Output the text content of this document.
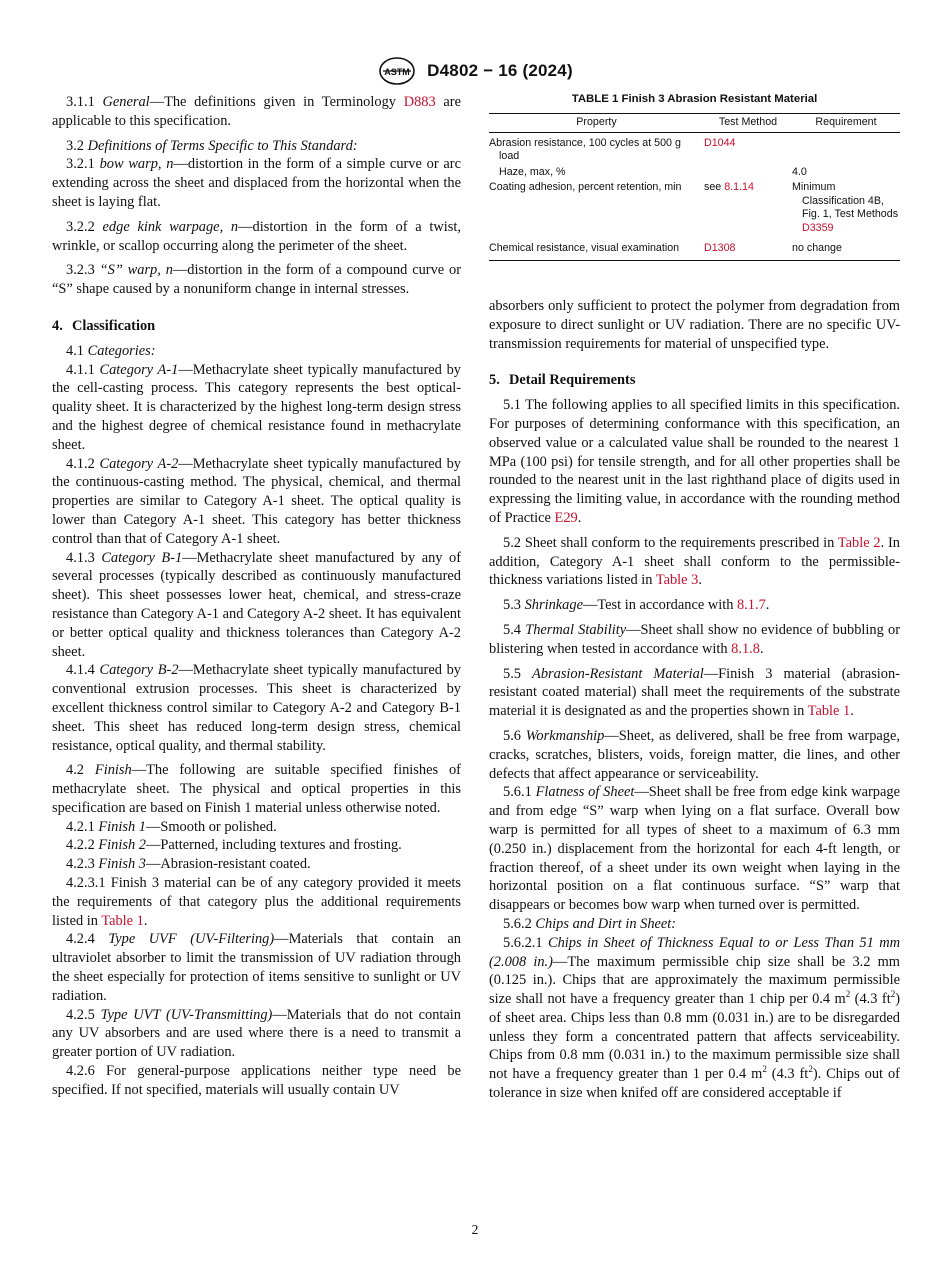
ASTM D4802 − 16 (2024)

3.1.1 General—The definitions given in Terminology D883 are applicable to this specification.

3.2 Definitions of Terms Specific to This Standard:

3.2.1 bow warp, n—distortion in the form of a simple curve or arc extending across the sheet and displaced from the horizontal when the sheet is laying flat.

3.2.2 edge kink warpage, n—distortion in the form of a twist, wrinkle, or scallop occurring along the perimeter of the sheet.

3.2.3 “S” warp, n—distortion in the form of a compound curve or “S” shape caused by a nonuniform change in internal stresses.

4. Classification

4.1 Categories:

4.1.1 Category A-1—Methacrylate sheet typically manufactured by the cell-casting process. This category represents the best optical-quality sheet. It is characterized by the highest long-term design stress and the highest degree of chemical resistance found in methacrylate sheet.

4.1.2 Category A-2—Methacrylate sheet typically manufactured by the continuous-casting method. The physical, chemical, and thermal properties are similar to Category A-1 sheet. The optical quality is lower than Category A-1 sheet. This category has better thickness control than that of Category A-1 sheet.

4.1.3 Category B-1—Methacrylate sheet manufactured by any of several processes (typically described as continuously manufactured sheet). This sheet possesses lower heat, chemical, and stress-craze resistance than Category A-1 and Category A-2 sheet. It has equivalent or better optical quality and thickness tolerances than Category A-2 sheet.

4.1.4 Category B-2—Methacrylate sheet typically manufactured by conventional extrusion processes. This sheet is characterized by excellent thickness control similar to Category A-2 and Category B-1 sheet. This sheet has reduced long-term design stress, chemical resistance, optical quality, and thermal stability.

4.2 Finish—The following are suitable specified finishes of methacrylate sheet. The physical and optical properties in this specification are based on Finish 1 material unless otherwise noted.

4.2.1 Finish 1—Smooth or polished.

4.2.2 Finish 2—Patterned, including textures and frosting.

4.2.3 Finish 3—Abrasion-resistant coated.

4.2.3.1 Finish 3 material can be of any category provided it meets the requirements of that category plus the additional requirements listed in Table 1.

4.2.4 Type UVF (UV-Filtering)—Materials that contain an ultraviolet absorber to limit the transmission of UV radiation through the sheet especially for protection of items sensitive to sunlight or UV radiation.

4.2.5 Type UVT (UV-Transmitting)—Materials that do not contain any UV absorbers and are used where there is a need to transmit a greater portion of UV radiation.

4.2.6 For general-purpose applications neither type need be specified. If not specified, materials will usually contain UV

TABLE 1 Finish 3 Abrasion Resistant Material
Property	Test Method	Requirement

Abrasion resistance, 100 cycles at 500 g load	D1044	
Haze, max, %		4.0

Coating adhesion, percent retention, min	see 8.1.14	Minimum Classification 4B, Fig. 1, Test Methods D3359

Chemical resistance, visual examination	D1308	no change

absorbers only sufficient to protect the polymer from degradation from exposure to direct sunlight or UV radiation. There are no specific UV-transmission requirements for material of unspecified type.

5. Detail Requirements

5.1 The following applies to all specified limits in this specification. For purposes of determining conformance with this specification, an observed value or a calculated value shall be rounded to the nearest 1 MPa (100 psi) for tensile strength, and for all other properties shall be rounded to the nearest unit in the last righthand place of digits used in expressing the limiting value, in accordance with the rounding method of Practice E29.

5.2 Sheet shall conform to the requirements prescribed in Table 2. In addition, Category A-1 sheet shall conform to the permissible-thickness variations listed in Table 3.

5.3 Shrinkage—Test in accordance with 8.1.7.

5.4 Thermal Stability—Sheet shall show no evidence of bubbling or blistering when tested in accordance with 8.1.8.

5.5 Abrasion-Resistant Material—Finish 3 material (abrasion-resistant coated material) shall meet the requirements of the substrate material it is designated as and the properties shown in Table 1.

5.6 Workmanship—Sheet, as delivered, shall be free from warpage, cracks, scratches, blisters, voids, foreign matter, die lines, and other defects that affect appearance or serviceability.

5.6.1 Flatness of Sheet—Sheet shall be free from edge kink warpage and from edge “S” warp when lying on a flat surface. Overall bow warp is permitted for all types of sheet to a maximum of 6.3 mm (0.250 in.) displacement from the horizontal for each 4-ft length, or fraction thereof, of a sheet under its own weight when laying in the horizontal position on a flat continuous surface. “S” warp that disappears or becomes bow warp when turned over is permitted.

5.6.2 Chips and Dirt in Sheet:

5.6.2.1 Chips in Sheet of Thickness Equal to or Less Than 51 mm (2.008 in.)—The maximum permissible chip size shall be 3.2 mm (0.125 in.). Chips that are approximately the maximum permissible size shall not have a frequency greater than 1 chip per 0.4 $m^2$ (4.3 $ft^2$) of sheet area. Chips less than 0.8 mm (0.031 in.) are to be disregarded unless they form a concentrated pattern that affects serviceability. Chips from 0.8 mm (0.031 in.) to the maximum permissible size shall not have a frequency greater than 1 per 0.4 $m^2$ (4.3 $ft^2$). Chips out of tolerance in size when knifed off are considered acceptable if

2
